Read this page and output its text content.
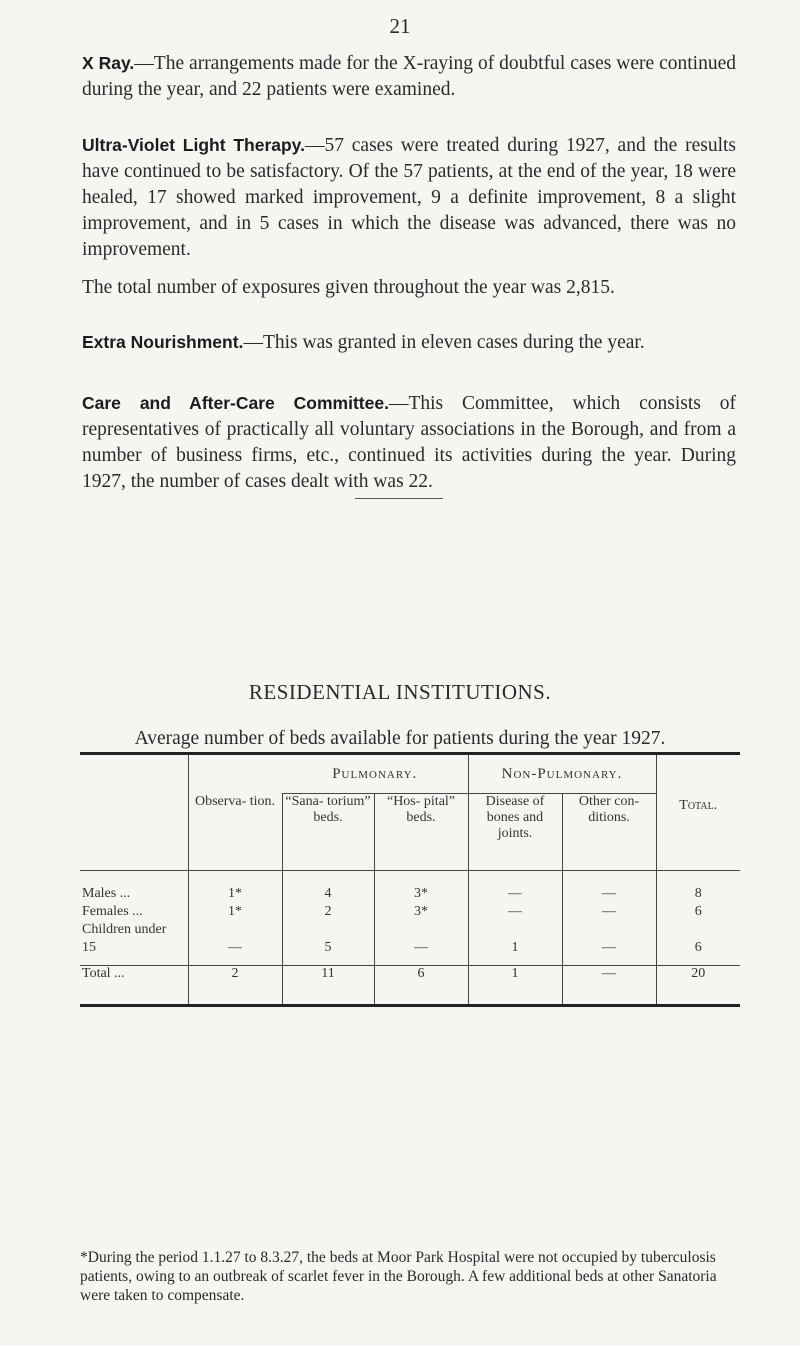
21

X Ray.—The arrangements made for the X-raying of doubtful cases were continued during the year, and 22 patients were examined.

Ultra-Violet Light Therapy.—57 cases were treated during 1927, and the results have continued to be satisfactory. Of the 57 patients, at the end of the year, 18 were healed, 17 showed marked improvement, 9 a definite improvement, 8 a slight improvement, and in 5 cases in which the disease was advanced, there was no improvement.

The total number of exposures given throughout the year was 2,815.

Extra Nourishment.—This was granted in eleven cases during the year.

Care and After-Care Committee.—This Committee, which consists of representatives of practically all voluntary associations in the Borough, and from a number of business firms, etc., continued its activities during the year. During 1927, the number of cases dealt with was 22.

RESIDENTIAL INSTITUTIONS.

Average number of beds available for patients during the year 1927.

		Pulmonary.		Non-Pulmonary.		
	Observa- tion.	“Sana- torium” beds.	“Hos- pital” beds.	Disease of bones and joints.	Other con- ditions.	Total.
Males ...	1*	4	3*	—	—	8
Females ...	1*	2	3*	—	—	6
Children under 15	—	5	—	1	—	6
Total ...	2	11	6	1	—	20

*During the period 1.1.27 to 8.3.27, the beds at Moor Park Hospital were not occupied by tuberculosis patients, owing to an outbreak of scarlet fever in the Borough. A few additional beds at other Sanatoria were taken to compensate.
